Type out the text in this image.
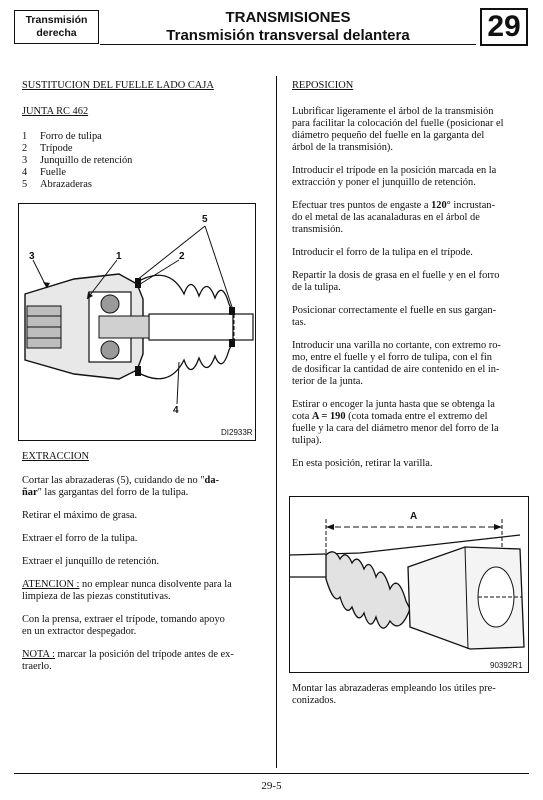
Transmisión
derecha
TRANSMISIONES
Transmisión transversal delantera	29

SUSTITUCION DEL FUELLE LADO CAJA

JUNTA RC 462

1	Forro de tulipa
2	Trípode
3	Junquillo de retención
4	Fuelle
5	Abrazaderas
3	1	2
5
4
DI2933R

EXTRACCION

Cortar las abrazaderas (5), cuidando de no "da-
ñar" las gargantas del forro de la tulipa.

Retirar el máximo de grasa.

Extraer el forro de la tulipa.

Extraer el junquillo de retención.

ATENCION : no emplear nunca disolvente para la
limpieza de las piezas constitutivas.

Con la prensa, extraer el trípode, tomando apoyo
en un extractor despegador.

NOTA : marcar la posición del trípode antes de ex-
traerlo.

REPOSICION

Lubrificar ligeramente el árbol de la transmisión
para facilitar la colocación del fuelle (posicionar el
diámetro pequeño del fuelle en la garganta del
árbol de la transmisión).

Introducir el trípode en la posición marcada en la
extracción y poner el junquillo de retención.

Efectuar tres puntos de engaste a 120° incrustan-
do el metal de las acanaladuras en el árbol de
transmisión.

Introducir el forro de la tulipa en el trípode.

Repartir la dosis de grasa en el fuelle y en el forro
de la tulipa.

Posicionar correctamente el fuelle en sus gargan-
tas.

Introducir una varilla no cortante, con extremo ro-
mo, entre el fuelle y el forro de tulipa, con el fin
de dosificar la cantidad de aire contenido en el in-
terior de la junta.

Estirar o encoger la junta hasta que se obtenga la
cota A = 190 (cota tomada entre el extremo del
fuelle y la cara del diámetro menor del forro de la
tulipa).

En esta posición, retirar la varilla.

A
90392R1

Montar las abrazaderas empleando los útiles pre-
conizados.

29-5
